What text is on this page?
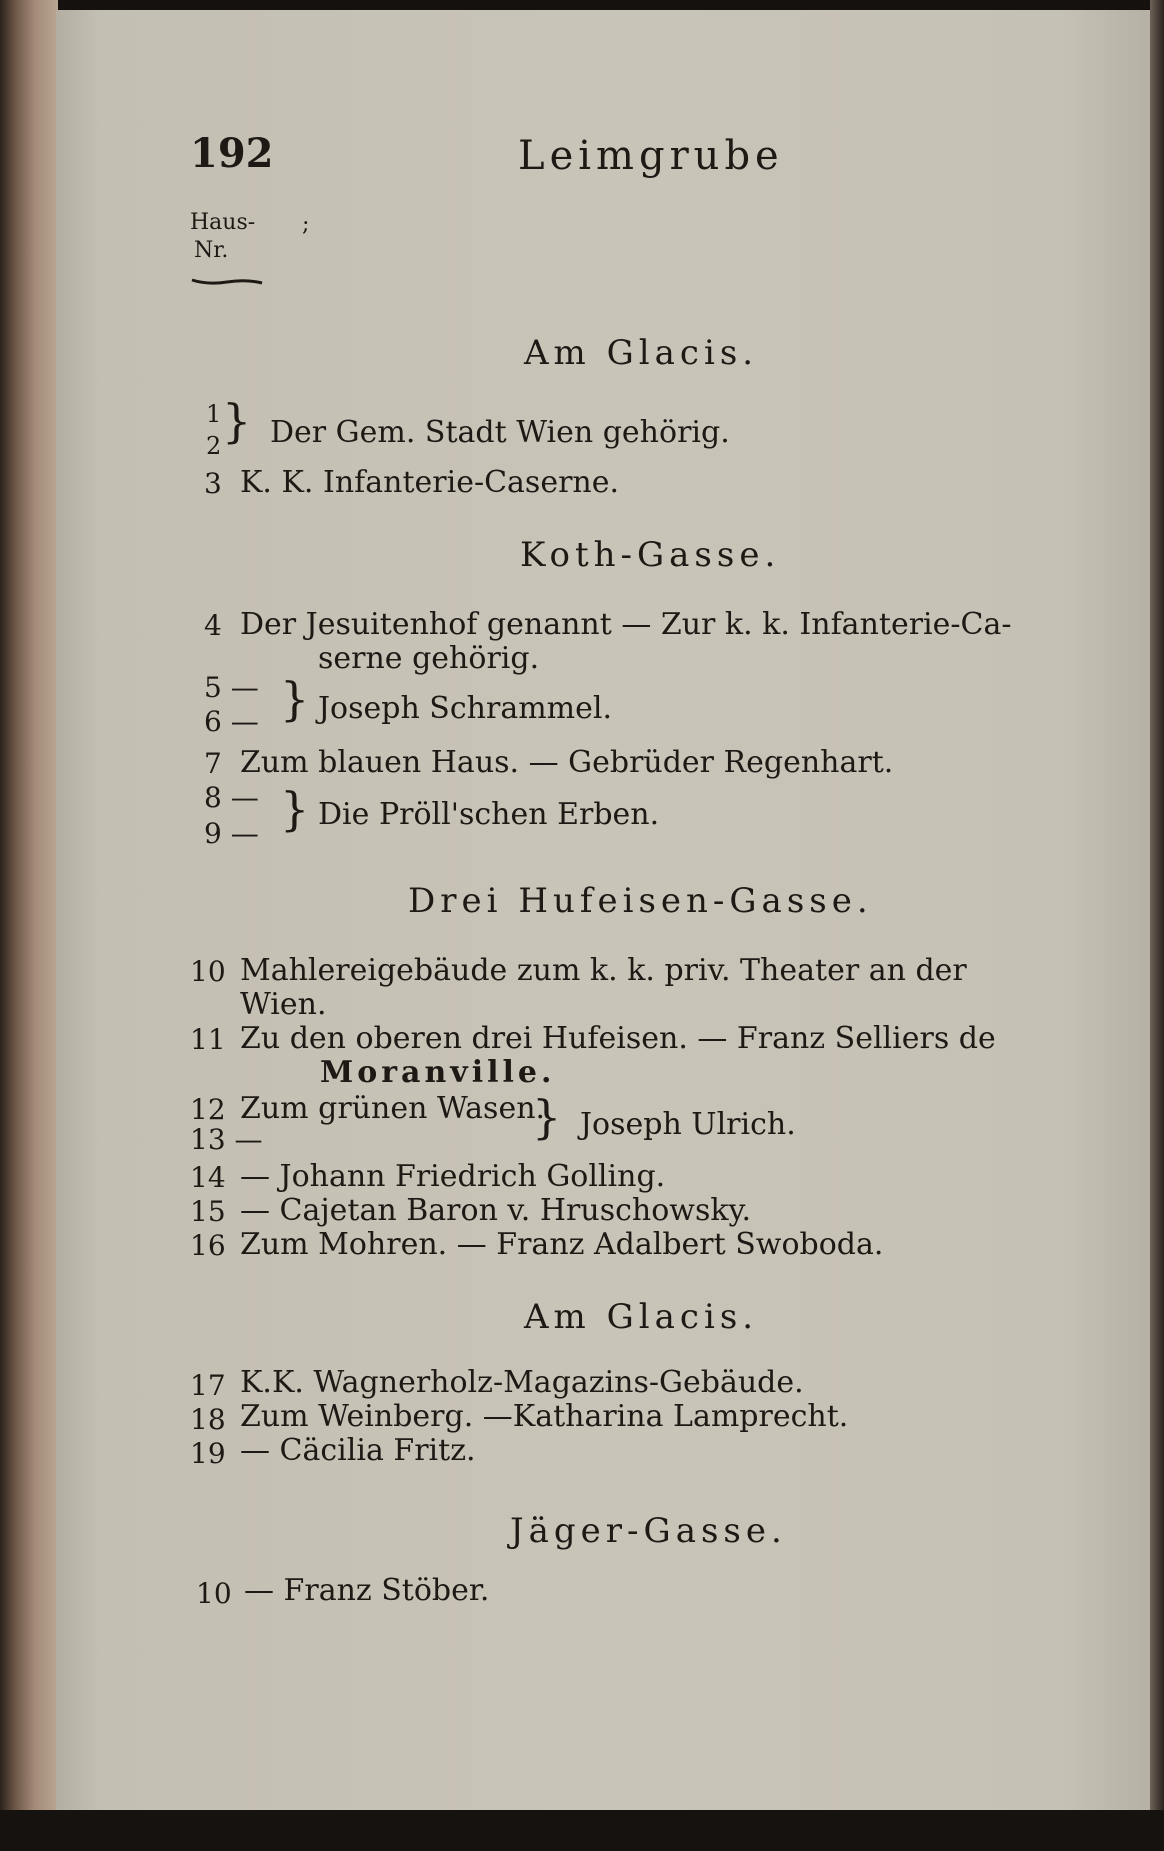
192	Leimgrube
Haus-
Nr.
;
Am Glacis.
1
2 } Der Gem. Stadt Wien gehörig.
3 K. K. Infanterie-Caserne.
Koth-Gasse.
4 Der Jesuitenhof genannt — Zur k. k. Infanterie-Ca-
serne gehörig.
5 —
6 — } Joseph Schrammel.
7 Zum blauen Haus. — Gebrüder Regenhart.
8 —
9 — } Die Pröll'schen Erben.
Drei Hufeisen-Gasse.
10 Mahlereigebäude zum k. k. priv. Theater an der
Wien.
11 Zu den oberen drei Hufeisen. — Franz Selliers de
Moranville.
12 Zum grünen Wasen.
13 —	} Joseph Ulrich.
14 — Johann Friedrich Golling.
15 — Cajetan Baron v. Hruschowsky.
16 Zum Mohren. — Franz Adalbert Swoboda.
Am Glacis.
17 K.K. Wagnerholz-Magazins-Gebäude.
18 Zum Weinberg. —Katharina Lamprecht.
19 — Cäcilia Fritz.
Jäger-Gasse.
10 — Franz Stöber.
